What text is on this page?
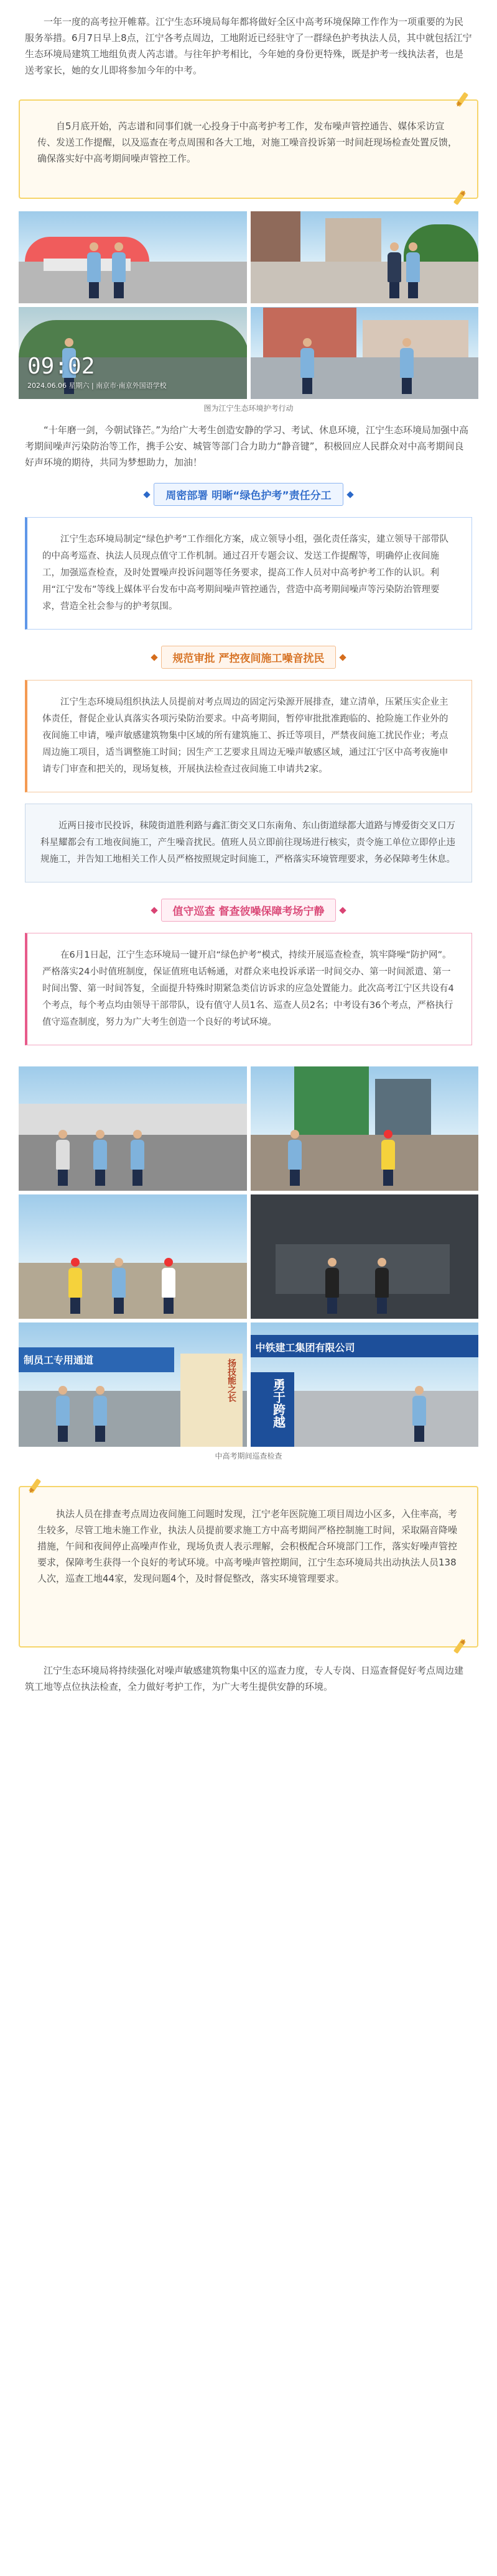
一年一度的高考拉开帷幕。江宁生态环境局每年都将做好全区中高考环境保障工作作为一项重要的为民服务举措。6月7日早上8点，江宁各考点周边，工地附近已经驻守了一群绿色护考执法人员，其中就包括江宁生态环境局建筑工地组负责人芮志谱。与往年护考相比，今年她的身份更特殊，既是护考一线执法者，也是送考家长，她的女儿即将参加今年的中考。

自5月底开始，芮志谱和同事们就一心投身于中高考护考工作，发布噪声管控通告、媒体采访宣传、发送工作提醒，以及巡查在考点周围和各大工地，对施工噪音投诉第一时间赶现场检查处置反馈，确保落实好中高考期间噪声管控工作。

09:02
2024.06.06 星期六 | 南京市·南京外国语学校

图为江宁生态环境护考行动

“十年磨一剑，今朝试锋芒。”为给广大考生创造安静的学习、考试、休息环境，江宁生态环境局加强中高考期间噪声污染防治等工作，携手公安、城管等部门合力助力“静音键”，积极回应人民群众对中高考期间良好声环境的期待，共同为梦想助力，加油！

周密部署 明晰“绿色护考”责任分工
江宁生态环境局制定“绿色护考”工作细化方案，成立领导小组，强化责任落实，建立领导干部带队的中高考巡查、执法人员现点值守工作机制。通过召开专题会议、发送工作提醒等，明确停止夜间施工，加强巡查检查，及时处置噪声投诉问题等任务要求，提高工作人员对中高考护考工作的认识。利用“江宁发布”等线上媒体平台发布中高考期间噪声管控通告，营造中高考期间噪声等污染防治管理要求，营造全社会参与的护考氛围。
规范审批 严控夜间施工噪音扰民
江宁生态环境局组织执法人员提前对考点周边的固定污染源开展排查，建立清单，压紧压实企业主体责任，督促企业认真落实各项污染防治要求。中高考期间，暂停审批批准跑临的、抢险施工作业外的夜间施工申请，噪声敏感建筑物集中区域的所有建筑施工、拆迁等项目，严禁夜间施工扰民作业；考点周边施工项目，适当调整施工时间；因生产工艺要求且周边无噪声敏感区域，通过江宁区中高考夜施申请专门审查和把关的，现场复核，开展执法检查过夜间施工申请共2家。
近两日接市民投诉，秣陵街道胜利路与鑫汇街交叉口东南角、东山街道绿都大道路与博爱街交叉口万科星耀都会有工地夜间施工，产生噪音扰民。值班人员立即前往现场进行核实，责令施工单位立即停止违规施工，并告知工地相关工作人员严格按照规定时间施工，严格落实环境管理要求，务必保障考生休息。
值守巡查 督查彼噪保障考场宁静
在6月1日起，江宁生态环境局一键开启“绿色护考”模式，持续开展巡查检查，筑牢降噪“防护网”。严格落实24小时值班制度，保证值班电话畅通，对群众来电投诉承诺一时间交办、第一时间派遣、第一时间出警、第一时间答复，全面提升特殊时期紧急类信访诉求的应急处置能力。此次高考江宁区共设有4个考点，每个考点均由领导干部带队，设有值守人员1名、巡查人员2名；中考设有36个考点，严格执行值守巡查制度，努力为广大考生创造一个良好的考试环境。
制员工专用通道	扬技能之长
中铁建工集团有限公司
勇于跨越

中高考期间巡查检查

执法人员在排查考点周边夜间施工问题时发现，江宁老年医院施工项目周边小区多，入住率高，考生较多，尽管工地未施工作业，执法人员提前要求施工方中高考期间严格控制施工时间，采取隔音降噪措施，午间和夜间停止高噪声作业，现场负责人表示理解，会积极配合环境部门工作，落实好噪声管控要求，保障考生获得一个良好的考试环境。中高考噪声管控期间，江宁生态环境局共出动执法人员138人次，巡查工地44家，发现问题4个，及时督促整改，落实环境管理要求。

江宁生态环境局将持续强化对噪声敏感建筑物集中区的巡查力度，专人专岗、日巡查督促好考点周边建筑工地等点位执法检查，全力做好考护工作，为广大考生提供安静的环境。
